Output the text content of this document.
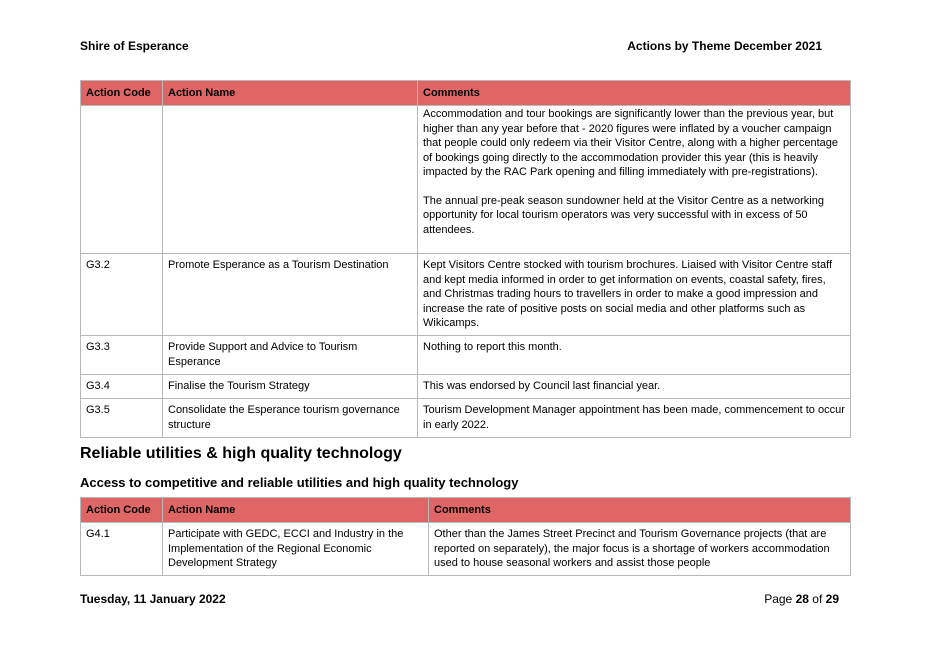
Shire of Esperance	Actions by Theme December 2021
Action Code	Action Name	Comments

		Accommodation and tour bookings are significantly lower than the previous year, but higher than any year before that - 2020 figures were inflated by a voucher campaign that people could only redeem via their Visitor Centre, along with a higher percentage of bookings going directly to the accommodation provider this year (this is heavily impacted by the RAC Park opening and filling immediately with pre-registrations).
The annual pre-peak season sundowner held at the Visitor Centre as a networking opportunity for local tourism operators was very successful with in excess of 50 attendees.

G3.2	Promote Esperance as a Tourism Destination	Kept Visitors Centre stocked with tourism brochures. Liaised with Visitor Centre staff and kept media informed in order to get information on events, coastal safety, fires, and Christmas trading hours to travellers in order to make a good impression and increase the rate of positive posts on social media and other platforms such as Wikicamps.
G3.3	Provide Support and Advice to Tourism Esperance	Nothing to report this month.
G3.4	Finalise the Tourism Strategy	This was endorsed by Council last financial year.
G3.5	Consolidate the Esperance tourism governance structure	Tourism Development Manager appointment has been made, commencement to occur in early 2022.
Reliable utilities & high quality technology
Access to competitive and reliable utilities and high quality technology
Action Code	Action Name	Comments
G4.1	Participate with GEDC, ECCI and Industry in the Implementation of the Regional Economic Development Strategy	Other than the James Street Precinct and Tourism Governance projects (that are reported on separately), the major focus is a shortage of workers accommodation used to house seasonal workers and assist those people
Tuesday, 11 January 2022	Page 28 of 29
